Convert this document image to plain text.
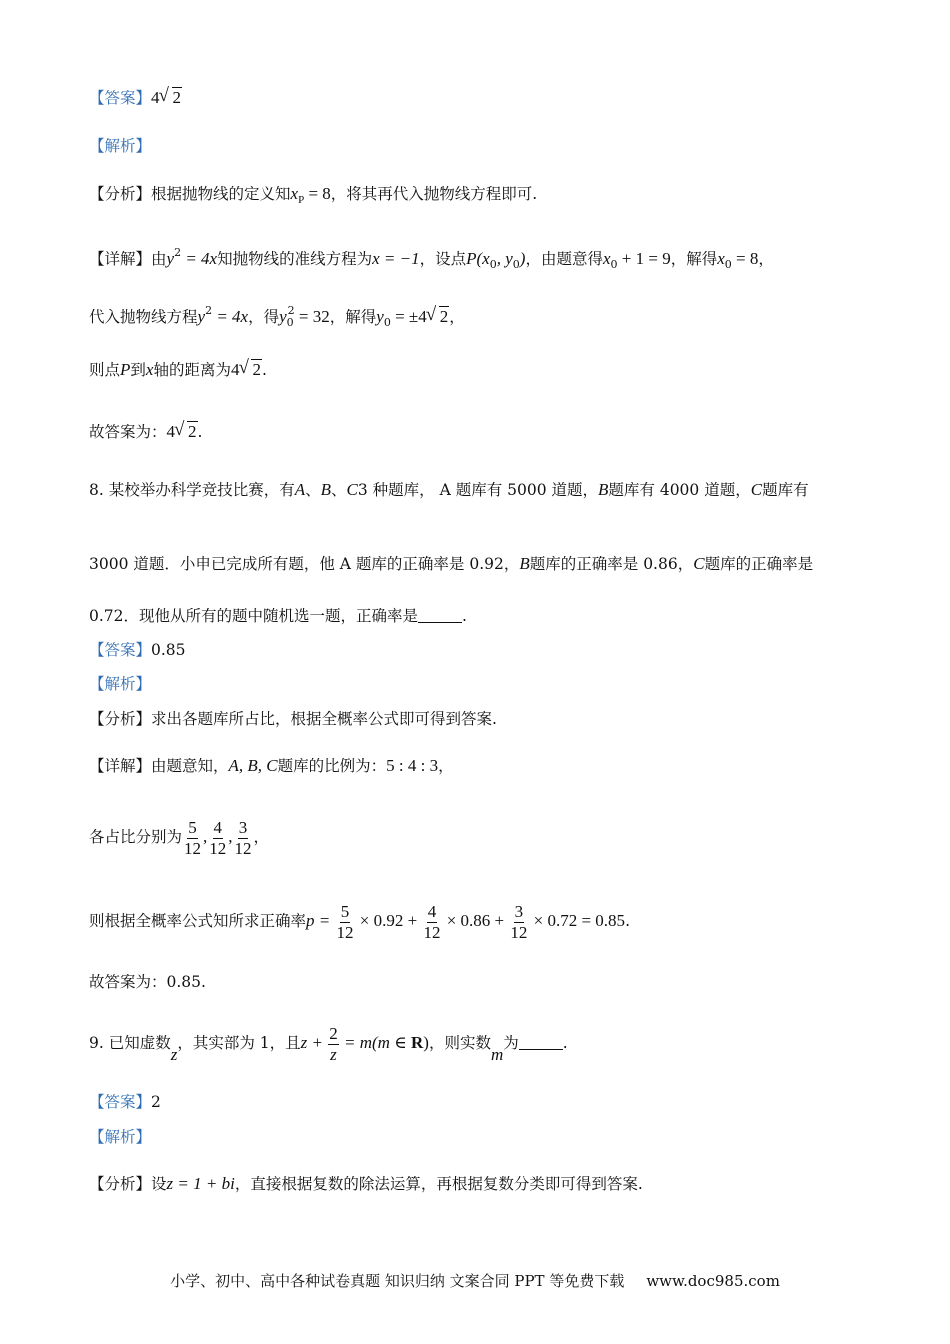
【答案】4√ 2
【解析】
【分析】根据抛物线的定义知$x_P = 8$，将其再代入抛物线方程即可.
【详解】由$y^2 = 4x$知抛物线的准线方程为x = −1，设点$P(x_0$, $y_0$)，由题意得$x_0 + 1 = 9$，解得$x_0 = 8$，
代入抛物线方程$y^2 = 4x$，得$y_0^2 = 32$，解得$y_0 = \pm 4√$ 2，
则点P到x轴的距离为4√ 2.
故答案为：4√ 2.
8. 某校举办科学竞技比赛，有A、B、C3 种题库， A 题库有 5000 道题，B题库有 4000 道题，C题库有
3000 道题．小申已完成所有题，他 A 题库的正确率是 0.92，B题库的正确率是 0.86，C题库的正确率是
0.72．现他从所有的题中随机选一题，正确率是	.
【答案】0.85
【解析】
【分析】求出各题库所占比，根据全概率公式即可得到答案.
【详解】由题意知，A, B, C题库的比例为：5 : 4 : 3，
各占比分别为 $\frac{5}{12}$ , $\frac{4}{12}$ , $\frac{3}{12}$ ，
则根据全概率公式知所求正确率$p = \frac{5}{12} \times 0.92 + \frac{4}{12} \times 0.86 + \frac{3}{12} \times 0.72 = 0.85$.
故答案为：0.85.
9. 已知虚数z，其实部为 1，且$z + \frac{2}{z} = m(m$ ∈ R)，则实数m为	.
【答案】2
【解析】
【分析】设z = 1 + bi，直接根据复数的除法运算，再根据复数分类即可得到答案.
小学、初中、高中各种试卷真题 知识归纳 文案合同 PPT 等免费下载 www.doc985.com
